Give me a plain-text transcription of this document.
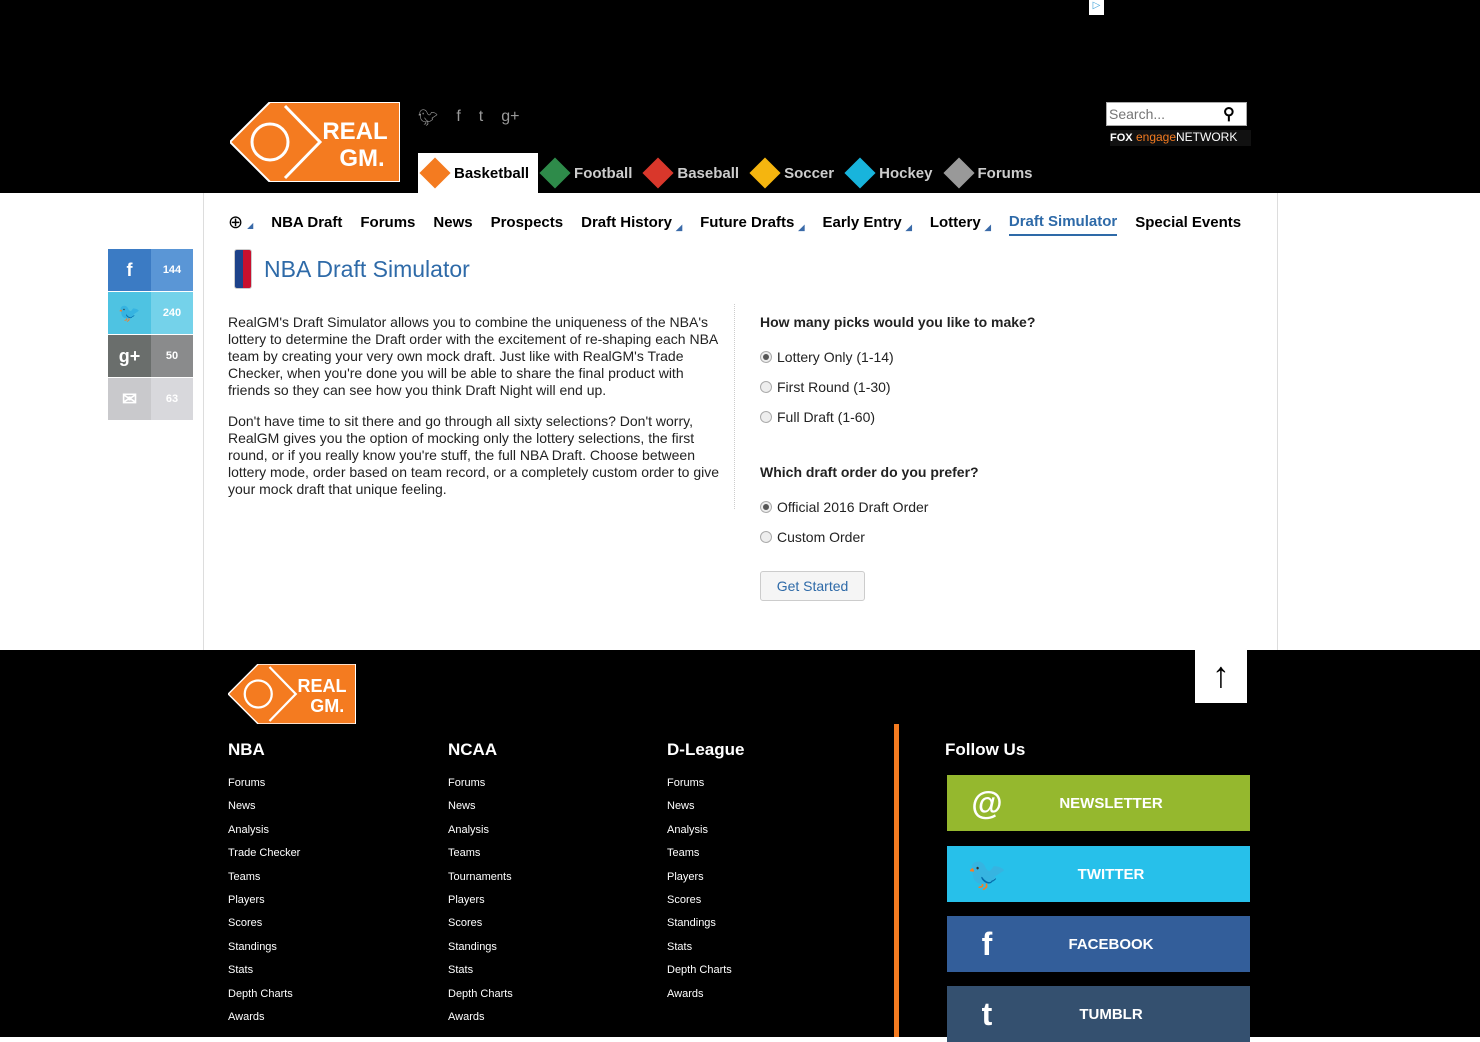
▷
REAL
GM.
🐦︎ f t g+
Search...	⚲
FOX engageNETWORK
Basketball	Football	Baseball	Soccer	Hockey	Forums
⊕ ◢ NBA Draft Forums News Prospects Draft History ◢ Future Drafts ◢ Early Entry ◢ Lottery ◢ Draft Simulator Special Events
f	144
🐦	240
g+	50
✉	63
NBA Draft Simulator

RealGM's Draft Simulator allows you to combine the uniqueness of the NBA's lottery to determine the Draft order with the excitement of re-shaping each NBA team by creating your very own mock draft. Just like with RealGM's Trade Checker, when you're done you will be able to share the final product with friends so they can see how you think Draft Night will end up.

Don't have time to sit there and go through all sixty selections? Don't worry, RealGM gives you the option of mocking only the lottery selections, the first round, or if you really know you're stuff, the full NBA Draft. Choose between lottery mode, order based on team record, or a completely custom order to give your mock draft that unique feeling.

How many picks would you like to make?
Lottery Only (1-14)
First Round (1-30)
Full Draft (1-60)
Which draft order do you prefer?
Official 2016 Draft Order
Custom Order
Get Started
REAL
GM.
↑
NBA
Forums
News
Analysis
Trade Checker
Teams
Players
Scores
Standings
Stats
Depth Charts
Awards
NCAA
Forums
News
Analysis
Teams
Tournaments
Players
Scores
Standings
Stats
Depth Charts
Awards
D-League
Forums
News
Analysis
Teams
Players
Scores
Standings
Stats
Depth Charts
Awards
Follow Us
@	NEWSLETTER
🐦	TWITTER
f	FACEBOOK
t	TUMBLR
